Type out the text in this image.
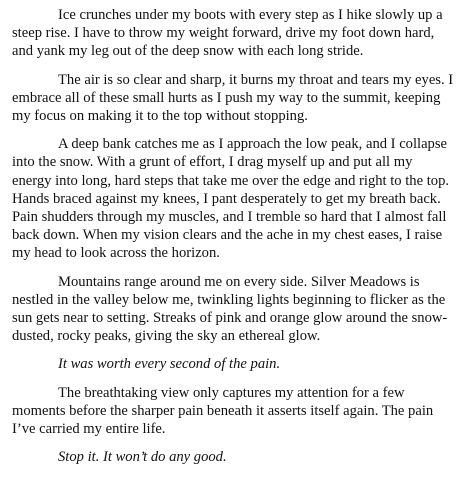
Ice crunches under my boots with every step as I hike slowly up a steep rise. I have to throw my weight forward, drive my foot down hard, and yank my leg out of the deep snow with each long stride.

The air is so clear and sharp, it burns my throat and tears my eyes. I embrace all of these small hurts as I push my way to the summit, keeping my focus on making it to the top without stopping.

A deep bank catches me as I approach the low peak, and I collapse into the snow. With a grunt of effort, I drag myself up and put all my energy into long, hard steps that take me over the edge and right to the top. Hands braced against my knees, I pant desperately to get my breath back. Pain shudders through my muscles, and I tremble so hard that I almost fall back down. When my vision clears and the ache in my chest eases, I raise my head to look across the horizon.

Mountains range around me on every side. Silver Meadows is nestled in the valley below me, twinkling lights beginning to flicker as the sun gets near to setting. Streaks of pink and orange glow around the snow-dusted, rocky peaks, giving the sky an ethereal glow.

It was worth every second of the pain.

The breathtaking view only captures my attention for a few moments before the sharper pain beneath it asserts itself again. The pain I’ve carried my entire life.

Stop it. It won’t do any good.
